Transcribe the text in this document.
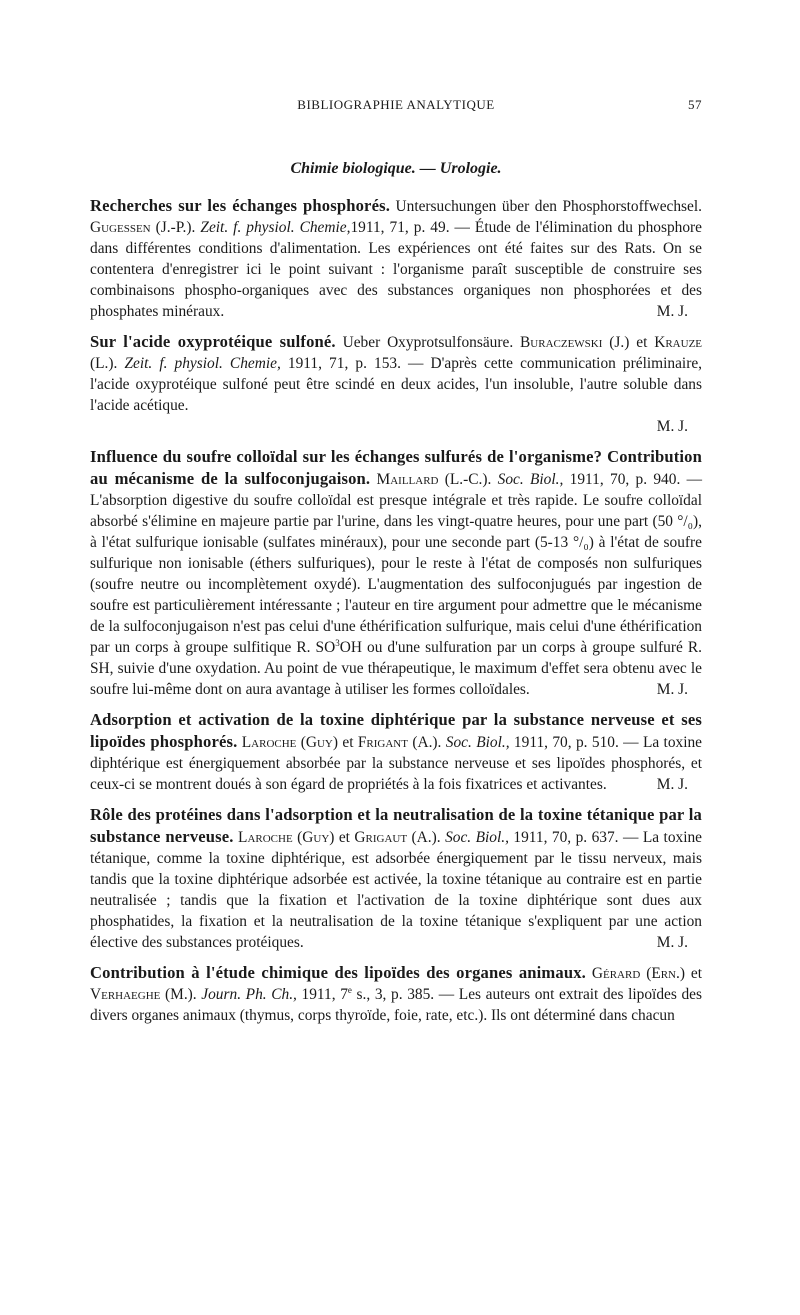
BIBLIOGRAPHIE ANALYTIQUE	57
Chimie biologique. — Urologie.

Recherches sur les échanges phosphorés. Untersuchungen über den Phosphorstoffwechsel. Gugessen (J.-P.). Zeit. f. physiol. Chemie,1911, 71, p. 49. — Étude de l'élimination du phosphore dans différentes conditions d'alimentation. Les expériences ont été faites sur des Rats. On se contentera d'enregistrer ici le point suivant : l'organisme paraît susceptible de construire ses combinaisons phospho-organiques avec des substances organiques non phosphorées et des phosphates minéraux.	M. J.

Sur l'acide oxyprotéique sulfoné. Ueber Oxyprotsulfonsäure. Buraczewski (J.) et Krauze (L.). Zeit. f. physiol. Chemie, 1911, 71, p. 153. — D'après cette communication préliminaire, l'acide oxyprotéique sulfoné peut être scindé en deux acides, l'un insoluble, l'autre soluble dans l'acide acétique.
M. J.

Influence du soufre colloïdal sur les échanges sulfurés de l'organisme? Contribution au mécanisme de la sulfoconjugaison. Maillard (L.-C.). Soc. Biol., 1911, 70, p. 940. — L'absorption digestive du soufre colloïdal est presque intégrale et très rapide. Le soufre colloïdal absorbé s'élimine en majeure partie par l'urine, dans les vingt-quatre heures, pour une part (50 °/₀), à l'état sulfurique ionisable (sulfates minéraux), pour une seconde part (5-13 °/₀) à l'état de soufre sulfurique non ionisable (éthers sulfuriques), pour le reste à l'état de composés non sulfuriques (soufre neutre ou incomplètement oxydé). L'augmentation des sulfoconjugués par ingestion de soufre est particulièrement intéressante ; l'auteur en tire argument pour admettre que le mécanisme de la sulfoconjugaison n'est pas celui d'une éthérification sulfurique, mais celui d'une éthérification par un corps à groupe sulfitique R. $SO^3OH$ ou d'une sulfuration par un corps à groupe sulfuré R. SH, suivie d'une oxydation. Au point de vue thérapeutique, le maximum d'effet sera obtenu avec le soufre lui-même dont on aura avantage à utiliser les formes colloïdales.	M. J.

Adsorption et activation de la toxine diphtérique par la substance nerveuse et ses lipoïdes phosphorés. Laroche (Guy) et Frigant (A.). Soc. Biol., 1911, 70, p. 510. — La toxine diphtérique est énergiquement absorbée par la substance nerveuse et ses lipoïdes phosphorés, et ceux-ci se montrent doués à son égard de propriétés à la fois fixatrices et activantes.	M. J.

Rôle des protéines dans l'adsorption et la neutralisation de la toxine tétanique par la substance nerveuse. Laroche (Guy) et Grigaut (A.). Soc. Biol., 1911, 70, p. 637. — La toxine tétanique, comme la toxine diphtérique, est adsorbée énergiquement par le tissu nerveux, mais tandis que la toxine diphtérique adsorbée est activée, la toxine tétanique au contraire est en partie neutralisée ; tandis que la fixation et l'activation de la toxine diphtérique sont dues aux phosphatides, la fixation et la neutralisation de la toxine tétanique s'expliquent par une action élective des substances protéiques.	M. J.

Contribution à l'étude chimique des lipoïdes des organes animaux. Gérard (Ern.) et Verhaeghe (M.). Journ. Ph. Ch., 1911, 7e s., 3, p. 385. — Les auteurs ont extrait des lipoïdes des divers organes animaux (thymus, corps thyroïde, foie, rate, etc.). Ils ont déterminé dans chacun
